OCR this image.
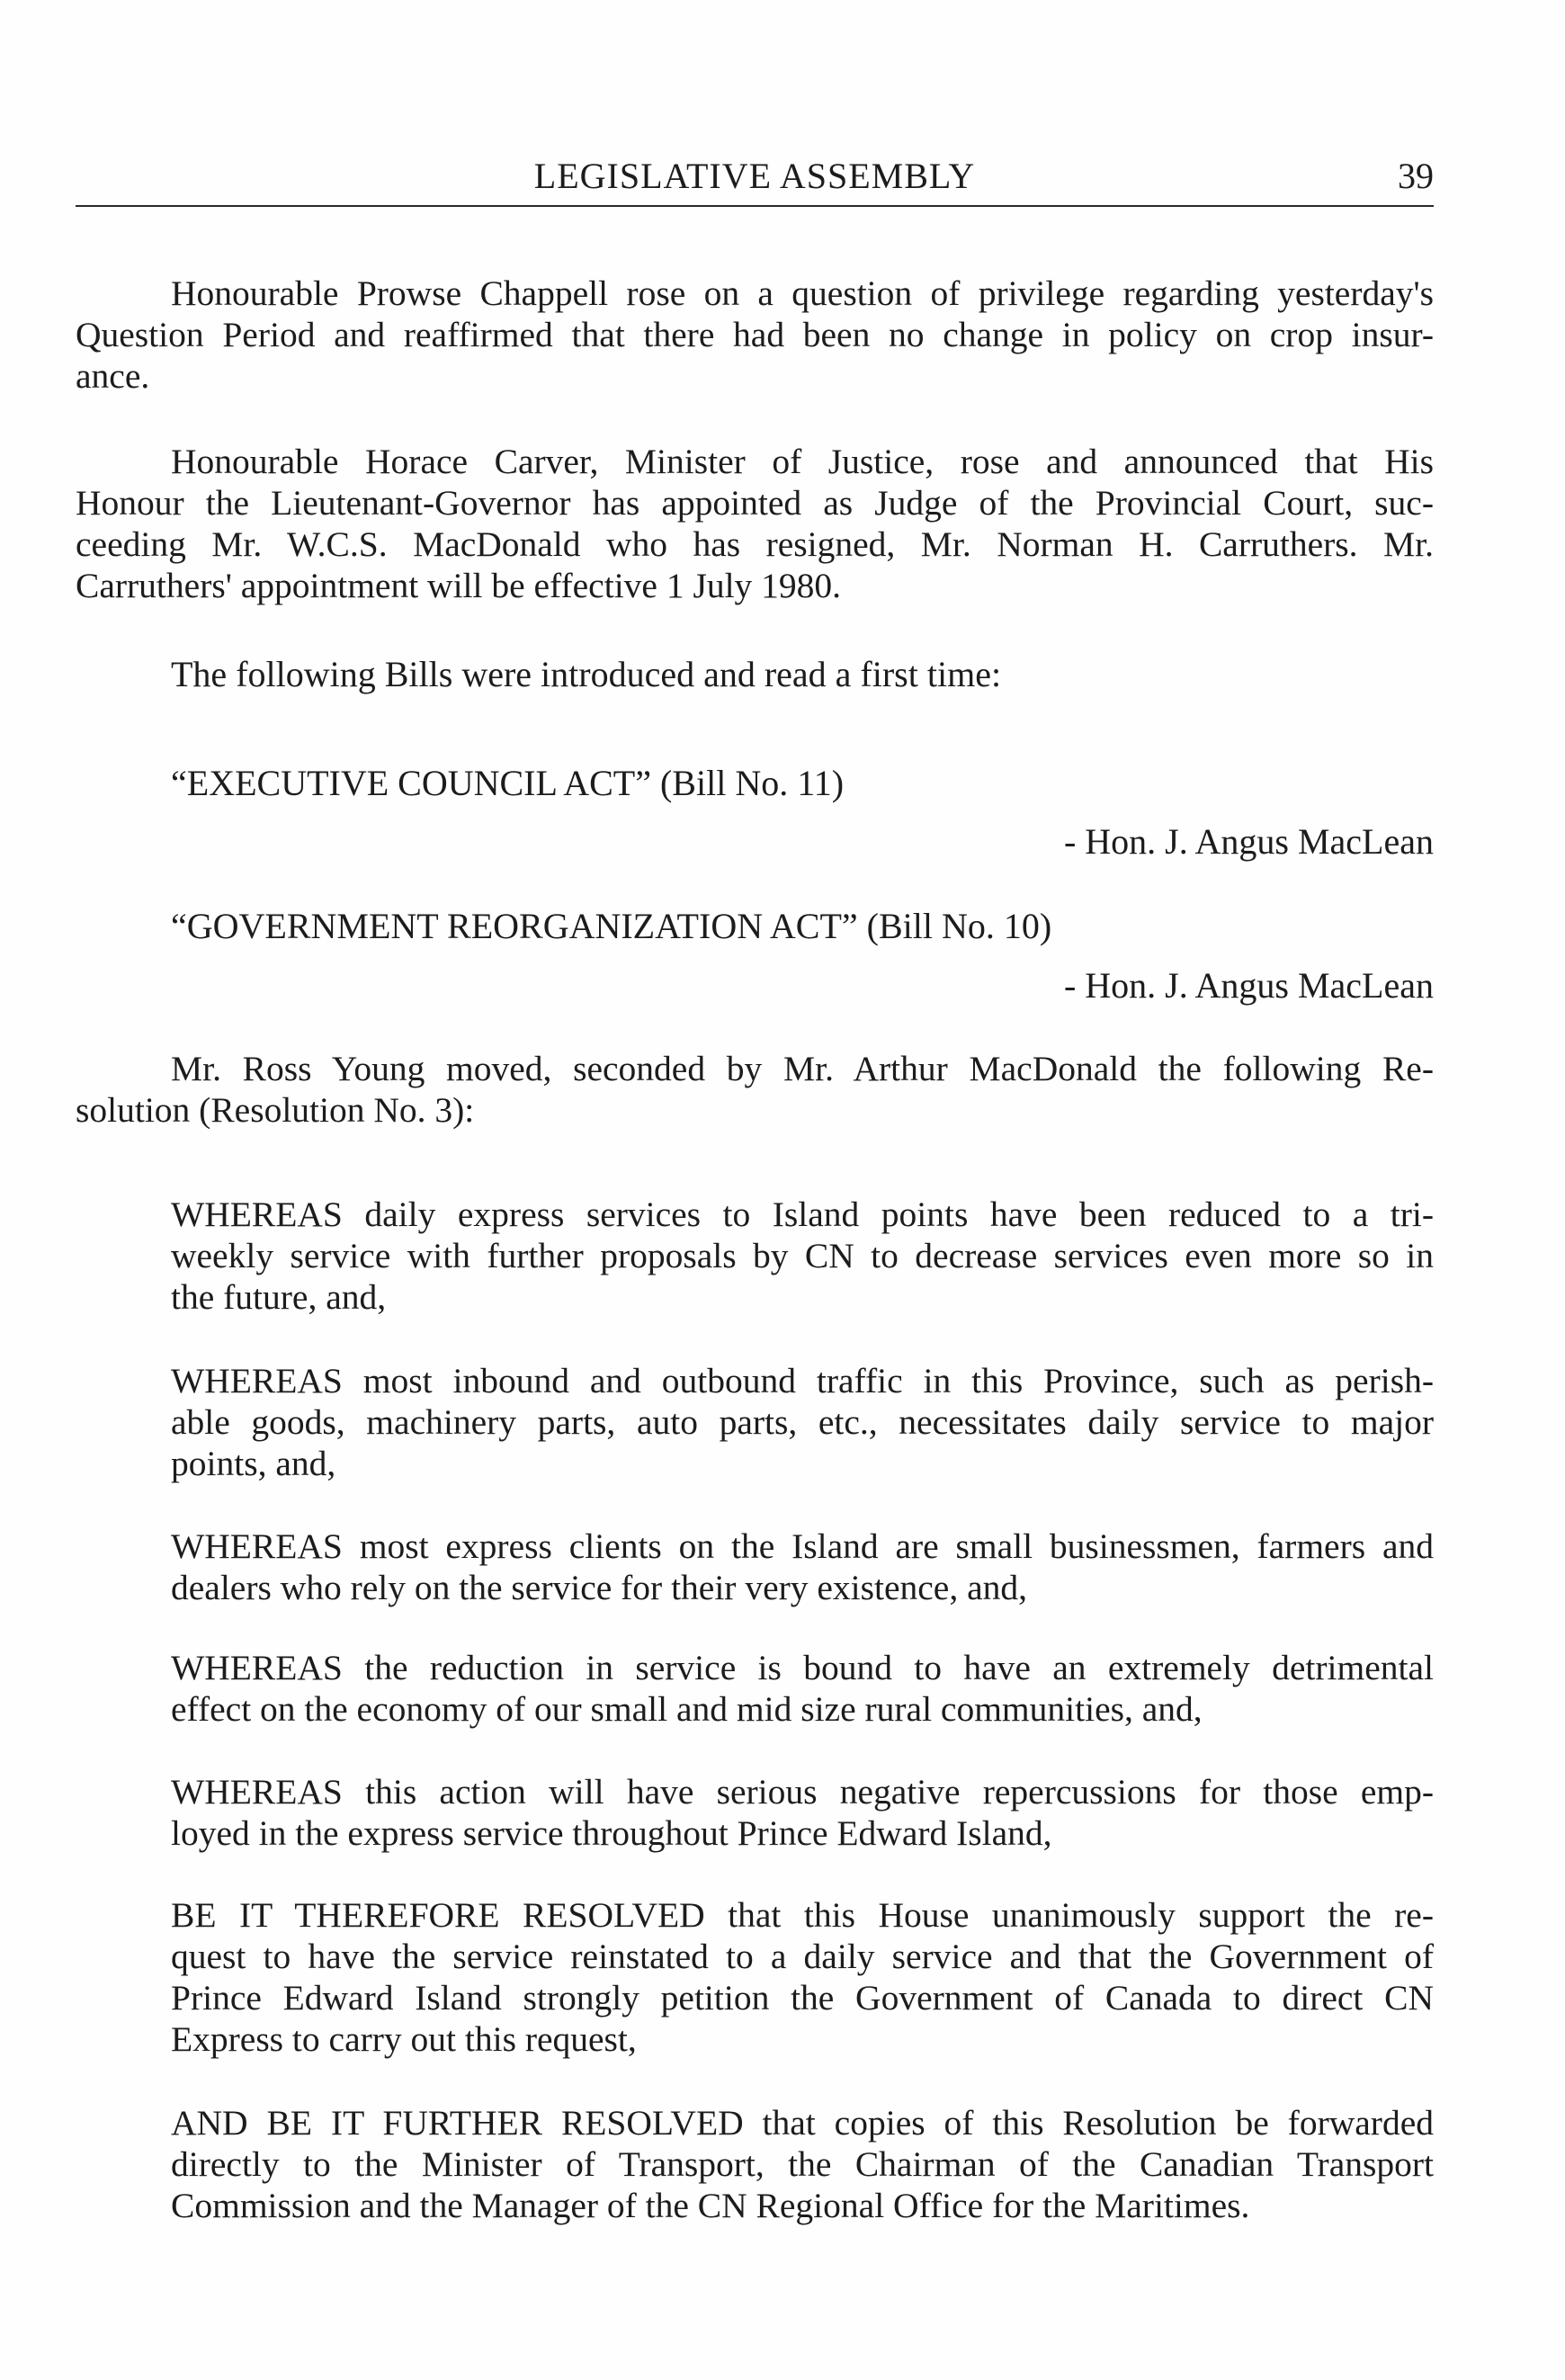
LEGISLATIVE ASSEMBLY	39
Honourable Prowse Chappell rose on a question of privilege regarding yesterday's
Question Period and reaffirmed that there had been no change in policy on crop insur-
ance.
Honourable Horace Carver, Minister of Justice, rose and announced that His
Honour the Lieutenant-Governor has appointed as Judge of the Provincial Court, suc-
ceeding Mr. W.C.S. MacDonald who has resigned, Mr. Norman H. Carruthers. Mr.
Carruthers' appointment will be effective 1 July 1980.
The following Bills were introduced and read a first time:
“EXECUTIVE COUNCIL ACT” (Bill No. 11)
- Hon. J. Angus MacLean
“GOVERNMENT REORGANIZATION ACT” (Bill No. 10)
- Hon. J. Angus MacLean
Mr. Ross Young moved, seconded by Mr. Arthur MacDonald the following Re-
solution (Resolution No. 3):
WHEREAS daily express services to Island points have been reduced to a tri-
weekly service with further proposals by CN to decrease services even more so in
the future, and,
WHEREAS most inbound and outbound traffic in this Province, such as perish-
able goods, machinery parts, auto parts, etc., necessitates daily service to major
points, and,
WHEREAS most express clients on the Island are small businessmen, farmers and
dealers who rely on the service for their very existence, and,
WHEREAS the reduction in service is bound to have an extremely detrimental
effect on the economy of our small and mid size rural communities, and,
WHEREAS this action will have serious negative repercussions for those emp-
loyed in the express service throughout Prince Edward Island,
BE IT THEREFORE RESOLVED that this House unanimously support the re-
quest to have the service reinstated to a daily service and that the Government of
Prince Edward Island strongly petition the Government of Canada to direct CN
Express to carry out this request,
AND BE IT FURTHER RESOLVED that copies of this Resolution be forwarded
directly to the Minister of Transport, the Chairman of the Canadian Transport
Commission and the Manager of the CN Regional Office for the Maritimes.
